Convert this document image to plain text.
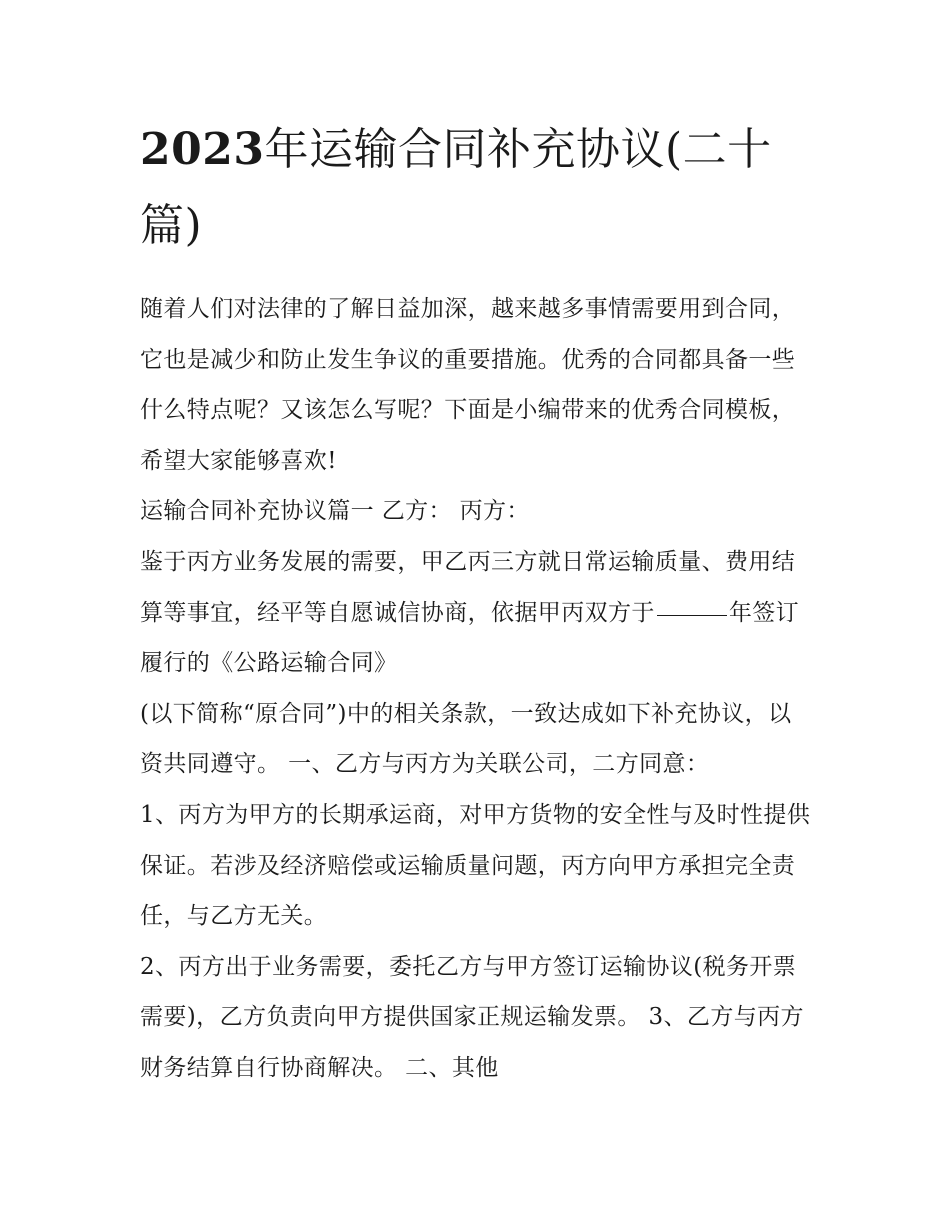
2023年运输合同补充协议(二十篇)

随着人们对法律的了解日益加深，越来越多事情需要用到合同，它也是减少和防止发生争议的重要措施。优秀的合同都具备一些什么特点呢？又该怎么写呢？下面是小编带来的优秀合同模板，希望大家能够喜欢!

运输合同补充协议篇一 乙方： 丙方：

鉴于丙方业务发展的需要，甲乙丙三方就日常运输质量、费用结算等事宜，经平等自愿诚信协商，依据甲丙双方于	年签订履行的《公路运输合同》

(以下简称“原合同”)中的相关条款，一致达成如下补充协议，以资共同遵守。 一、乙方与丙方为关联公司，二方同意：

1、丙方为甲方的长期承运商，对甲方货物的安全性与及时性提供保证。若涉及经济赔偿或运输质量问题，丙方向甲方承担完全责任，与乙方无关。

2、丙方出于业务需要，委托乙方与甲方签订运输协议(税务开票需要)，乙方负责向甲方提供国家正规运输发票。 3、乙方与丙方财务结算自行协商解决。 二、其他
